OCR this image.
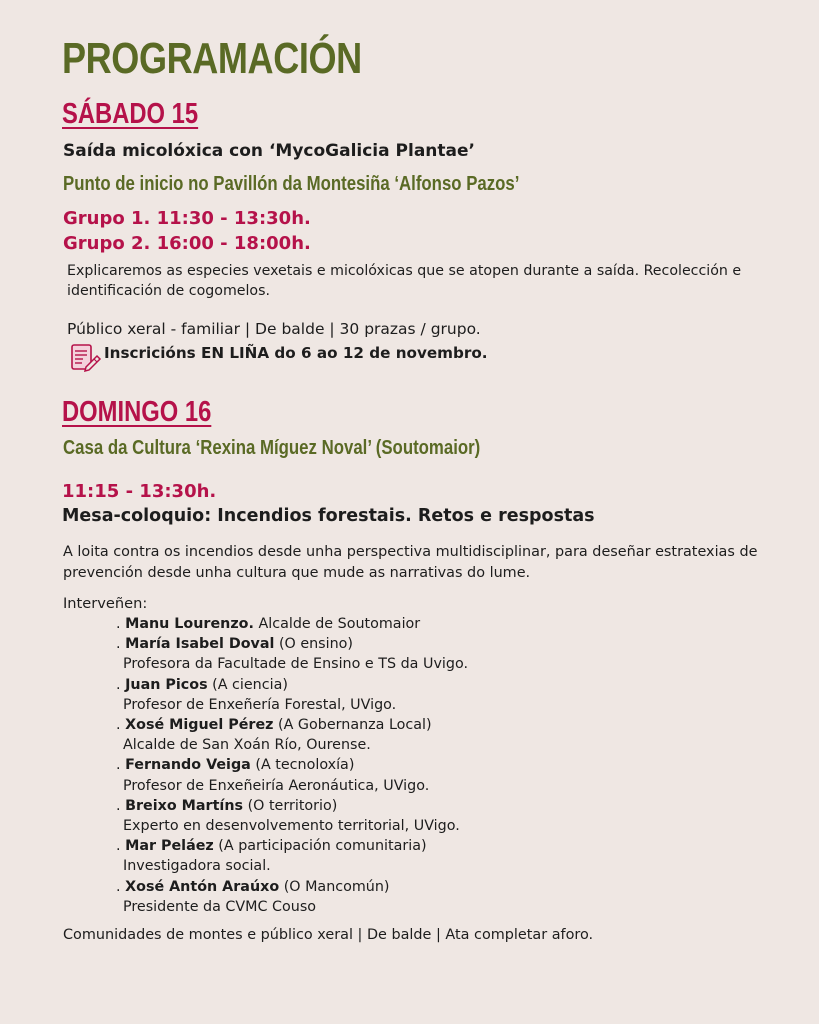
PROGRAMACIÓN
SÁBADO 15
Saída micolóxica con ‘MycoGalicia Plantae’
Punto de inicio no Pavillón da Montesiña ‘Alfonso Pazos’
Grupo 1. 11:30 - 13:30h.
Grupo 2. 16:00 - 18:00h.
Explicaremos as especies vexetais e micolóxicas que se atopen durante a saída. Recolección e identificación de cogomelos.
Público xeral - familiar | De balde | 30 prazas / grupo.
Inscricións EN LIÑA do 6 ao 12 de novembro.
DOMINGO 16
Casa da Cultura ‘Rexina Míguez Noval’ (Soutomaior)
11:15 - 13:30h.
Mesa-coloquio: Incendios forestais. Retos e respostas
A loita contra os incendios desde unha perspectiva multidisciplinar, para deseñar estratexias de prevención desde unha cultura que mude as narrativas do lume.
Interveñen:
. Manu Lourenzo. Alcalde de Soutomaior
. María Isabel Doval (O ensino)
Profesora da Facultade de Ensino e TS da Uvigo.
. Juan Picos (A ciencia)
Profesor de Enxeñería Forestal, UVigo.
. Xosé Miguel Pérez (A Gobernanza Local)
Alcalde de San Xoán Río, Ourense.
. Fernando Veiga (A tecnoloxía)
Profesor de Enxeñeiría Aeronáutica, UVigo.
. Breixo Martíns (O territorio)
Experto en desenvolvemento territorial, UVigo.
. Mar Peláez (A participación comunitaria)
Investigadora social.
. Xosé Antón Araúxo (O Mancomún)
Presidente da CVMC Couso
Comunidades de montes e público xeral | De balde | Ata completar aforo.
